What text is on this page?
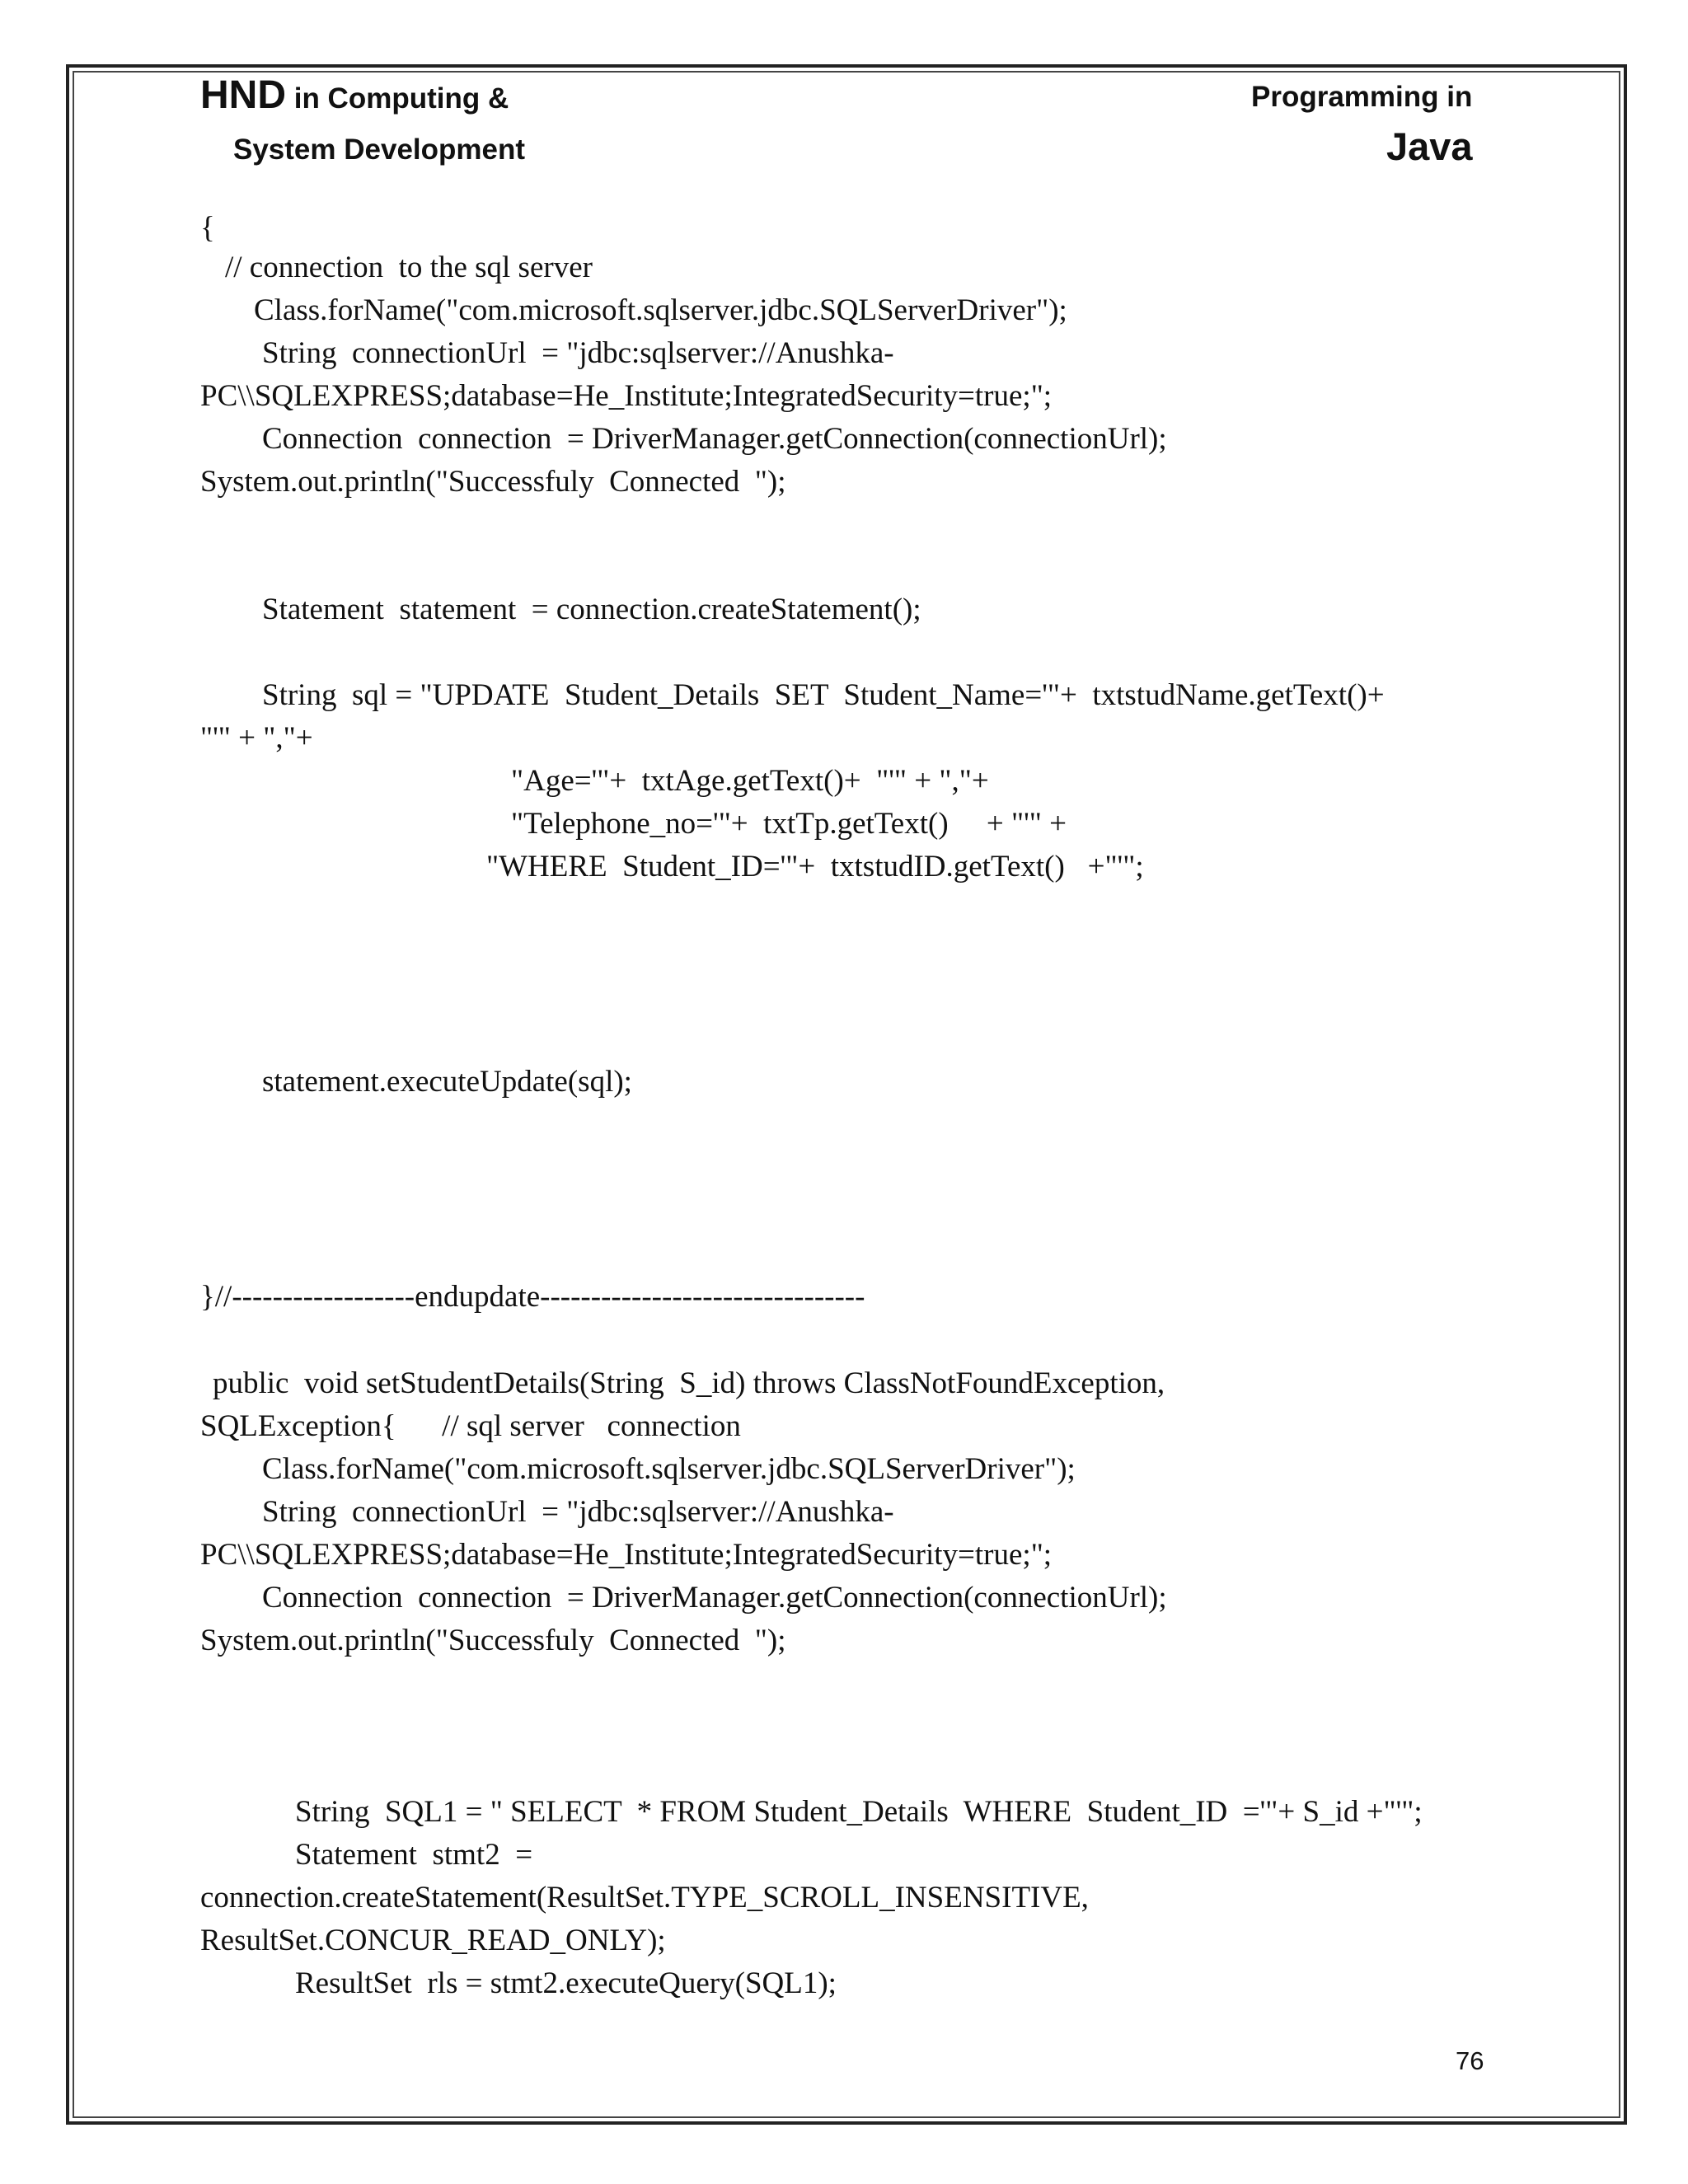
HND in Computing &
System Development
Programming in
Java
{
// connection  to the sql server
Class.forName("com.microsoft.sqlserver.jdbc.SQLServerDriver");
String  connectionUrl  = "jdbc:sqlserver://Anushka-
PC\\SQLEXPRESS;database=He_Institute;IntegratedSecurity=true;";
Connection  connection  = DriverManager.getConnection(connectionUrl);
System.out.println("Successfuly  Connected  ");
Statement  statement  = connection.createStatement();
String  sql = "UPDATE  Student_Details  SET  Student_Name='"+  txtstudName.getText()+
"'" + ","+
"Age='"+  txtAge.getText()+  "'" + ","+
"Telephone_no='"+  txtTp.getText()     + "'" +
"WHERE  Student_ID='"+  txtstudID.getText()   +"'";
statement.executeUpdate(sql);
}//------------------endupdate--------------------------------
public  void setStudentDetails(String  S_id) throws ClassNotFoundException,
SQLException{      // sql server   connection
Class.forName("com.microsoft.sqlserver.jdbc.SQLServerDriver");
String  connectionUrl  = "jdbc:sqlserver://Anushka-
PC\\SQLEXPRESS;database=He_Institute;IntegratedSecurity=true;";
Connection  connection  = DriverManager.getConnection(connectionUrl);
System.out.println("Successfuly  Connected  ");
String  SQL1 = " SELECT  * FROM Student_Details  WHERE  Student_ID  ='"+ S_id +"'";
Statement  stmt2  =
connection.createStatement(ResultSet.TYPE_SCROLL_INSENSITIVE,
ResultSet.CONCUR_READ_ONLY);
ResultSet  rls = stmt2.executeQuery(SQL1);
76
